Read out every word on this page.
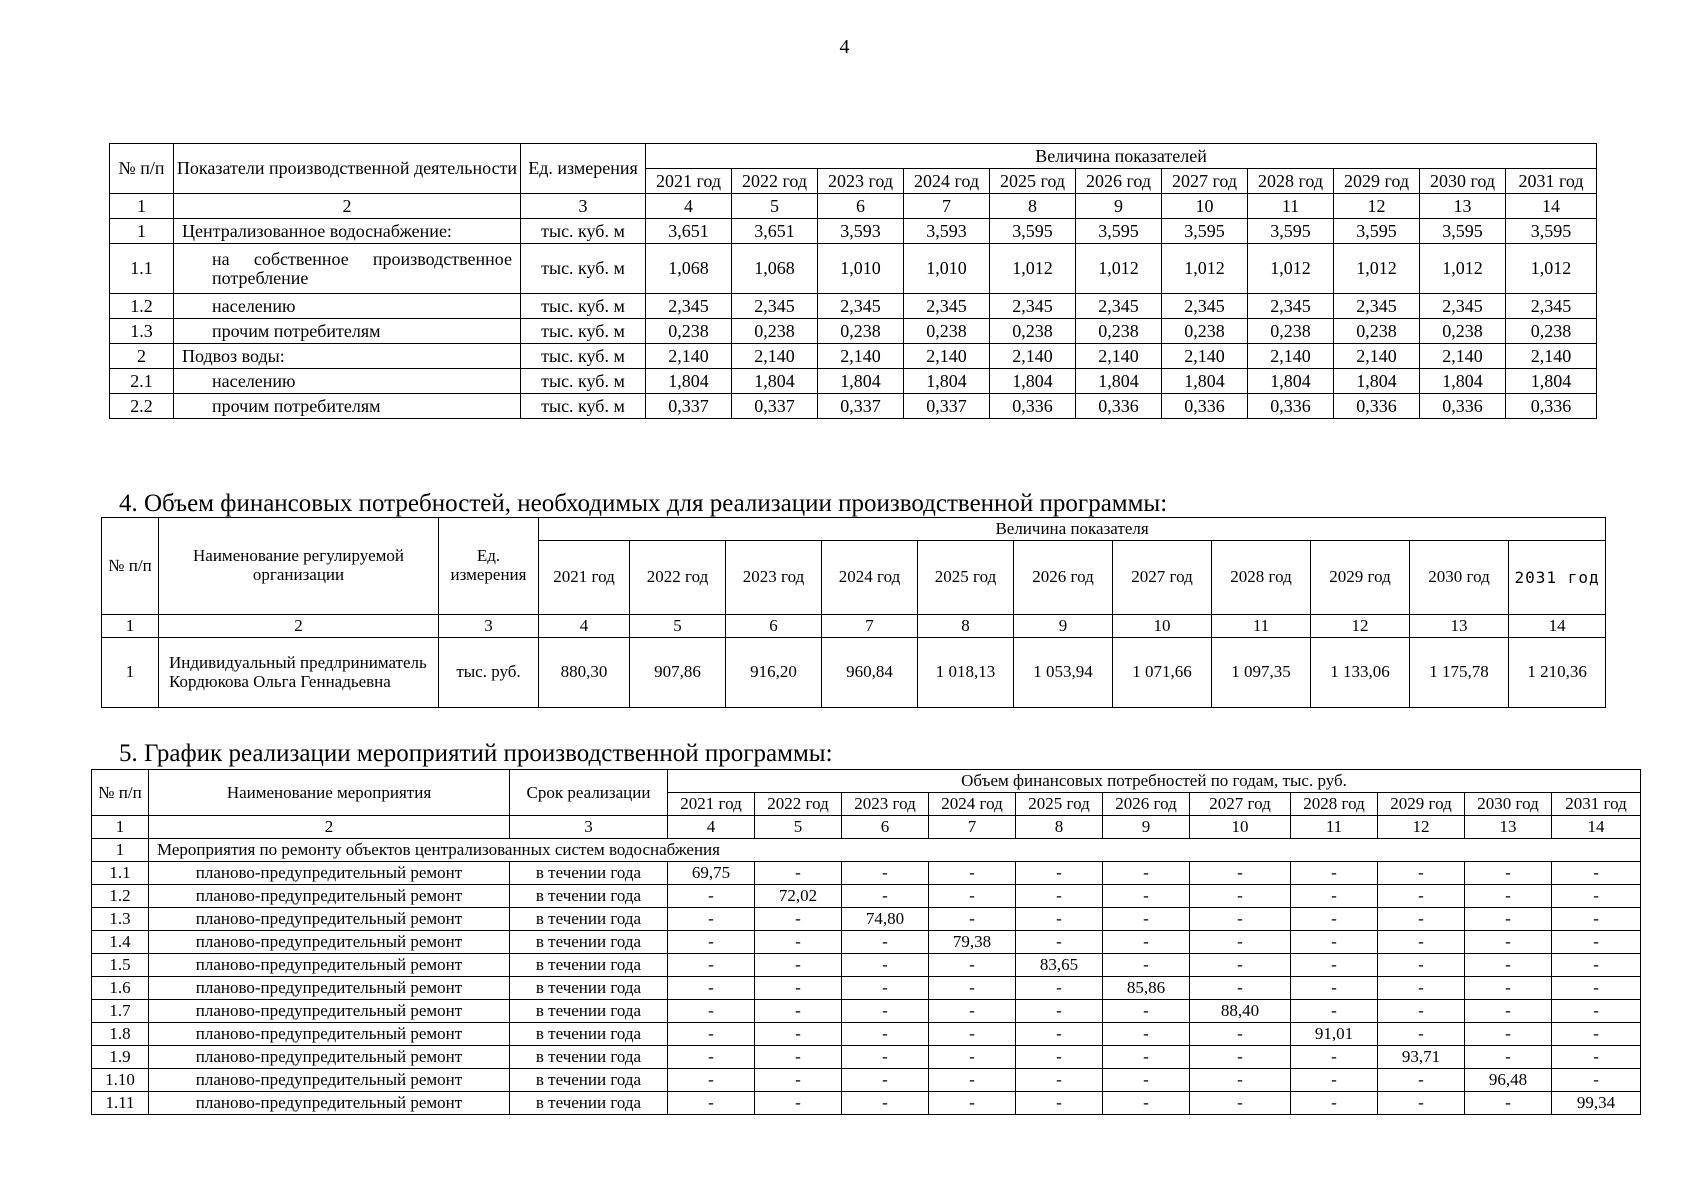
4
№ п/п	Показатели производственной деятельности	Ед. измерения	Величина показателей										
			2021 год	2022 год	2023 год	2024 год	2025 год	2026 год	2027 год	2028 год	2029 год	2030 год	2031 год
1	2	3	4	5	6	7	8	9	10	11	12	13	14
1	Централизованное водоснабжение:	тыс. куб. м	3,651	3,651	3,593	3,593	3,595	3,595	3,595	3,595	3,595	3,595	3,595
1.1	на собственное производственное потребление	тыс. куб. м	1,068	1,068	1,010	1,010	1,012	1,012	1,012	1,012	1,012	1,012	1,012
1.2	населению	тыс. куб. м	2,345	2,345	2,345	2,345	2,345	2,345	2,345	2,345	2,345	2,345	2,345
1.3	прочим потребителям	тыс. куб. м	0,238	0,238	0,238	0,238	0,238	0,238	0,238	0,238	0,238	0,238	0,238
2	Подвоз воды:	тыс. куб. м	2,140	2,140	2,140	2,140	2,140	2,140	2,140	2,140	2,140	2,140	2,140
2.1	населению	тыс. куб. м	1,804	1,804	1,804	1,804	1,804	1,804	1,804	1,804	1,804	1,804	1,804
2.2	прочим потребителям	тыс. куб. м	0,337	0,337	0,337	0,337	0,336	0,336	0,336	0,336	0,336	0,336	0,336
4. Объем финансовых потребностей, необходимых для реализации производственной программы:
№ п/п	Наименование регулируемой организации	Ед. измерения	Величина показателя										
			2021 год	2022 год	2023 год	2024 год	2025 год	2026 год	2027 год	2028 год	2029 год	2030 год	2031 год
1	2	3	4	5	6	7	8	9	10	11	12	13	14
1	Индивидуальный предлриниматель Кордюкова Ольга Геннадьевна	тыс. руб.	880,30	907,86	916,20	960,84	1 018,13	1 053,94	1 071,66	1 097,35	1 133,06	1 175,78	1 210,36
5. График реализации мероприятий производственной программы:
№ п/п	Наименование мероприятия	Срок реализации	Объем финансовых потребностей по годам, тыс. руб.										
			2021 год	2022 год	2023 год	2024 год	2025 год	2026 год	2027 год	2028 год	2029 год	2030 год	2031 год
1	2	3	4	5	6	7	8	9	10	11	12	13	14
1	Мероприятия по ремонту объектов централизованных систем водоснабжения												
1.1	планово-предупредительный ремонт	в течении года	69,75	-	-	-	-	-	-	-	-	-	-
1.2	планово-предупредительный ремонт	в течении года	-	72,02	-	-	-	-	-	-	-	-	-
1.3	планово-предупредительный ремонт	в течении года	-	-	74,80	-	-	-	-	-	-	-	-
1.4	планово-предупредительный ремонт	в течении года	-	-	-	79,38	-	-	-	-	-	-	-
1.5	планово-предупредительный ремонт	в течении года	-	-	-	-	83,65	-	-	-	-	-	-
1.6	планово-предупредительный ремонт	в течении года	-	-	-	-	-	85,86	-	-	-	-	-
1.7	планово-предупредительный ремонт	в течении года	-	-	-	-	-	-	88,40	-	-	-	-
1.8	планово-предупредительный ремонт	в течении года	-	-	-	-	-	-	-	91,01	-	-	-
1.9	планово-предупредительный ремонт	в течении года	-	-	-	-	-	-	-	-	93,71	-	-
1.10	планово-предупредительный ремонт	в течении года	-	-	-	-	-	-	-	-	-	96,48	-
1.11	планово-предупредительный ремонт	в течении года	-	-	-	-	-	-	-	-	-	-	99,34
